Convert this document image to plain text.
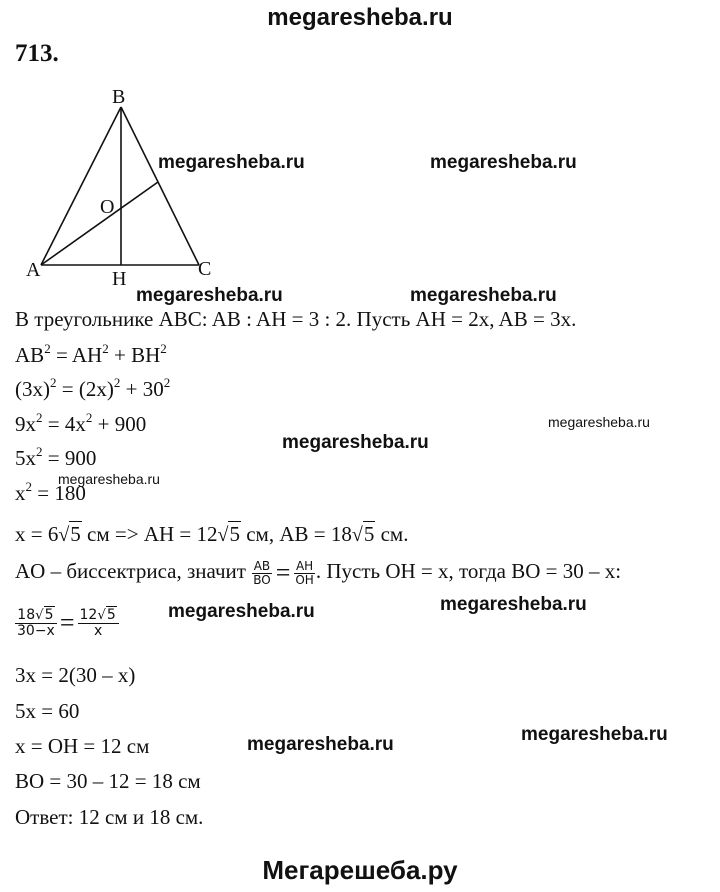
megaresheba.ru
megaresheba.ru	megaresheba.ru
megaresheba.ru	megaresheba.ru
megaresheba.ru
megaresheba.ru	megaresheba.ru
megaresheba.ru	megaresheba.ru
megaresheba.ru
megaresheba.ru
713.
B
O
A	H	C
В треугольнике ABC: AB : AH = 3 : 2. Пусть AH = 2x, AB = 3x.
$AB^2 = AH^2 + BH^2$
$(3x)^2 = (2x)^2 + 30^2$
$9x^2 = 4x^2 + 900$
$5x^2 = 900$
$x^2 = 180$
x = 6√5 см => AH = 12√5 см, AB = 18√5 см.
AO – биссектриса, значит $\frac{AB}{BO} = \frac{AH}{OH}$ . Пусть OH = x, тогда BO = 30 – x:
$\frac{18√5}{30-x} = \frac{12√5}{x}$
3x = 2(30 – x)
5x = 60
x = OH = 12 см
BO = 30 – 12 = 18 см
Ответ: 12 см и 18 см.
Мегарешеба.ру
